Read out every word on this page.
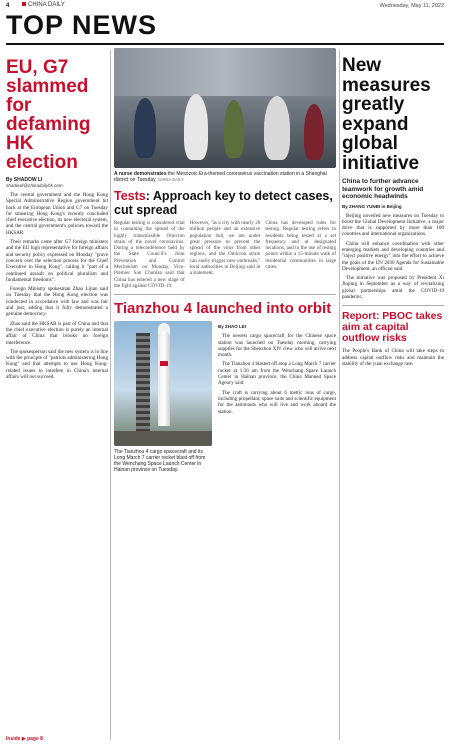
4	CHINA DAILY	Wednesday, May 11, 2022
TOP NEWS
EU, G7 slammed for defaming HK election
By SHADOW LI
shadowli@chinadailyhk.com

The central government and the Hong Kong Special Administrative Region government hit back at the European Union and G7 on Tuesday for smearing Hong Kong's recently concluded chief executive election, its new electoral system, and the central government's policies toward the HKSAR.

Their remarks came after G7 foreign ministers and the EU high representative for foreign affairs and security policy expressed on Monday "grave concern over the selection process for the Chief Executive in Hong Kong", calling it "part of a continued assault on political pluralism and fundamental freedoms".

Foreign Ministry spokesman Zhao Lijian said on Tuesday that the Hong Kong election was conducted in accordance with law and was fair and just, adding that it fully demonstrated a genuine democracy.

Zhao said the HKSAR is part of China and that the chief executive election is purely an internal affair of China that brooks no foreign interference.

The spokesperson said the new system is in line with the principle of "patriots administering Hong Kong" and that attempts to use Hong Kong-related issues to interfere in China's internal affairs will not succeed.

Inside ▶ page 8
A nurse demonstrates the Mesozoic Era-themed coronavirus vaccination station in a Shanghai district on Tuesday. CHINA DAILY
Tests: Approach key to detect cases, cut spread
Regular testing is considered vital in containing the spread of the highly transmissible Omicron strain of the novel coronavirus. During a teleconference held by the State Council's Joint Prevention and Control Mechanism on Monday, Vice-Premier Sun Chunlan said that China has entered a new stage of the fight against COVID-19.
However, "as a city with nearly 20 million people and an extensive population hub, we are under great pressure to prevent the spread of the virus from other regions, and the Omicron strain can easily trigger new outbreaks," local authorities in Beijing said in a statement.
China has developed rules for testing. Regular testing refers to residents being tested at a set frequency and at designated locations, and to the use of testing points within a 15-minute walk of residential communities in large cities.
Tianzhou 4 launched into orbit
The Tianzhou 4 cargo spacecraft and its Long March 7 carrier rocket blast off from the Wenchang Space Launch Center in Hainan province on Tuesday.
By ZHAO LEI

The newest cargo spacecraft for the Chinese space station was launched on Tuesday morning, carrying supplies for the Shenzhou XIV crew who will arrive next month.

The Tianzhou 4 blasted off atop a Long March 7 carrier rocket at 1:56 am from the Wenchang Space Launch Center in Hainan province, the China Manned Space Agency said.

The craft is carrying about 6 metric tons of cargo, including propellant, space suits and scientific equipment for the astronauts who will live and work aboard the station.

New measures greatly expand global initiative
China to further advance teamwork for growth amid economic headwinds
By ZHANG YUNBI in Beijing

Beijing unveiled new measures on Tuesday to boost the Global Development Initiative, a major drive that is supported by more than 100 countries and international organizations.

China will enhance coordination with other emerging markets and developing countries and "inject positive energy" into the effort to achieve the goals of the UN 2030 Agenda for Sustainable Development, an official said.

The initiative was proposed by President Xi Jinping in September as a way of revitalizing global partnerships amid the COVID-19 pandemic.

Report: PBOC takes aim at capital outflow risks
The People's Bank of China will take steps to address capital outflow risks and maintain the stability of the yuan exchange rate.
